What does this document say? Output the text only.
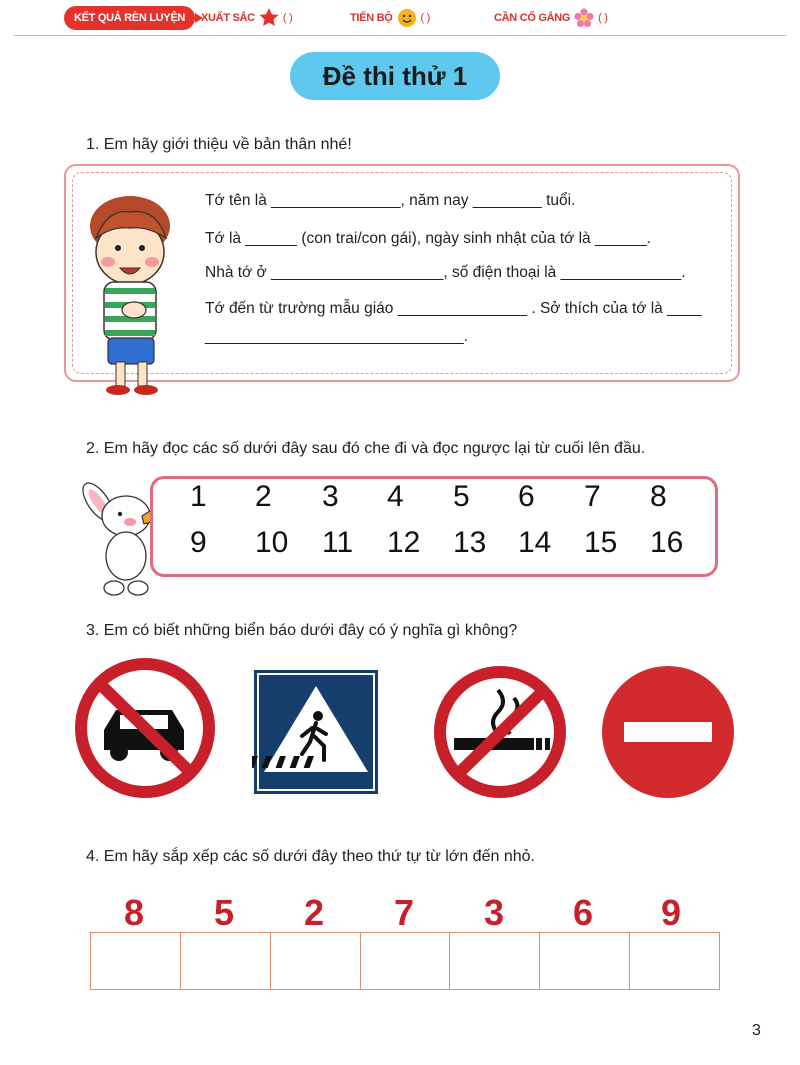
KẾT QUẢ RÈN LUYỆN	XUẤT SẮC	( )	TIẾN BỘ	( )	CẦN CỐ GẮNG	( )
Đề thi thử 1
1. Em hãy giới thiệu về bản thân nhé!
Tớ tên là _______________, năm nay ________ tuổi.
Tớ là ______ (con trai/con gái), ngày sinh nhật của tớ là ______.
Nhà tớ ở ____________________, số điện thoại là ______________.
Tớ đến từ trường mẫu giáo _______________ . Sở thích của tớ là ____
______________________________.
2. Em hãy đọc các số dưới đây sau đó che đi và đọc ngược lại từ cuối lên đầu.
1 2 3 4 5 6 7 8
9 10 11 12 13 14 15 16
3. Em có biết những biển báo dưới đây có ý nghĩa gì không?
4. Em hãy sắp xếp các số dưới đây theo thứ tự từ lớn đến nhỏ.
8 5 2 7 3 6 9
3
